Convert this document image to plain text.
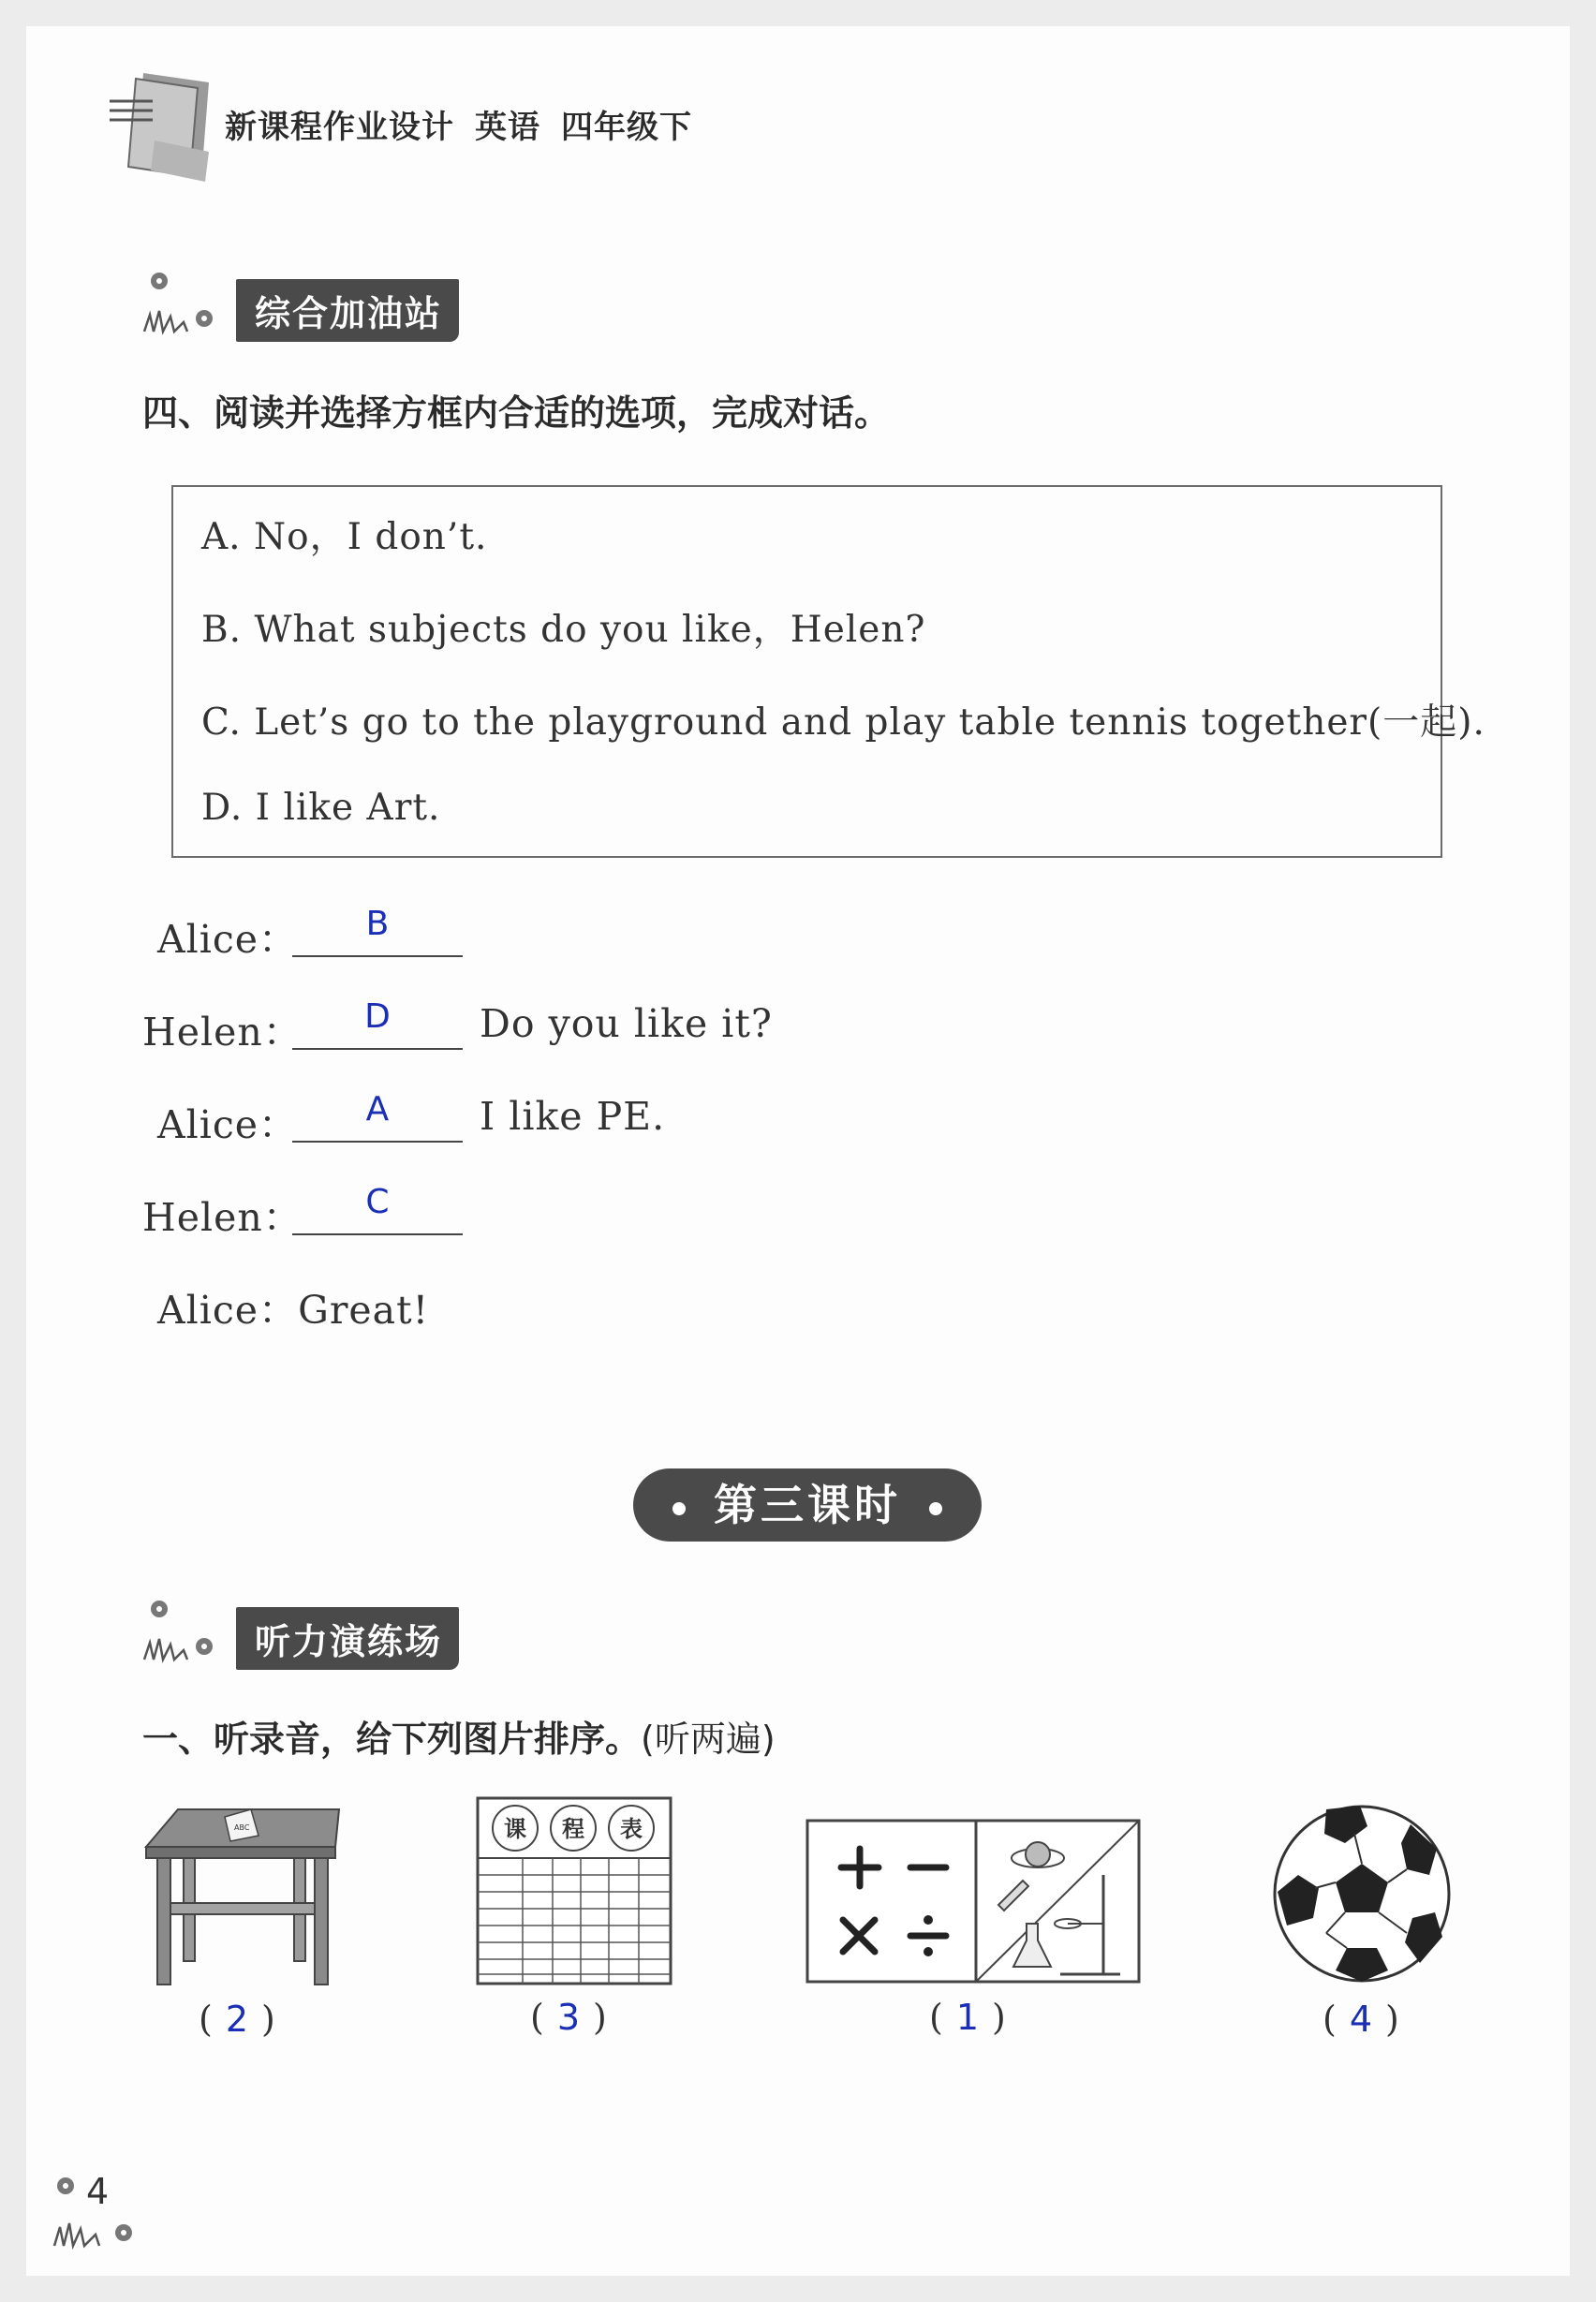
新课程作业设计 英语 四年级下
综合加油站
四、阅读并选择方框内合适的选项，完成对话。
A. No，I don’t.
B. What subjects do you like，Helen?
C. Let’s go to the playground and play table tennis together(一起).
D. I like Art.
Alice：	B
Helen：	D	Do you like it?
Alice：	A	I like PE.
Helen：	C
Alice：Great!
第三课时
听力演练场
一、听录音，给下列图片排序。(听两遍)
ABC
( 2 )
课 程 表
( 3 )	( 1 )	( 4 )
4
